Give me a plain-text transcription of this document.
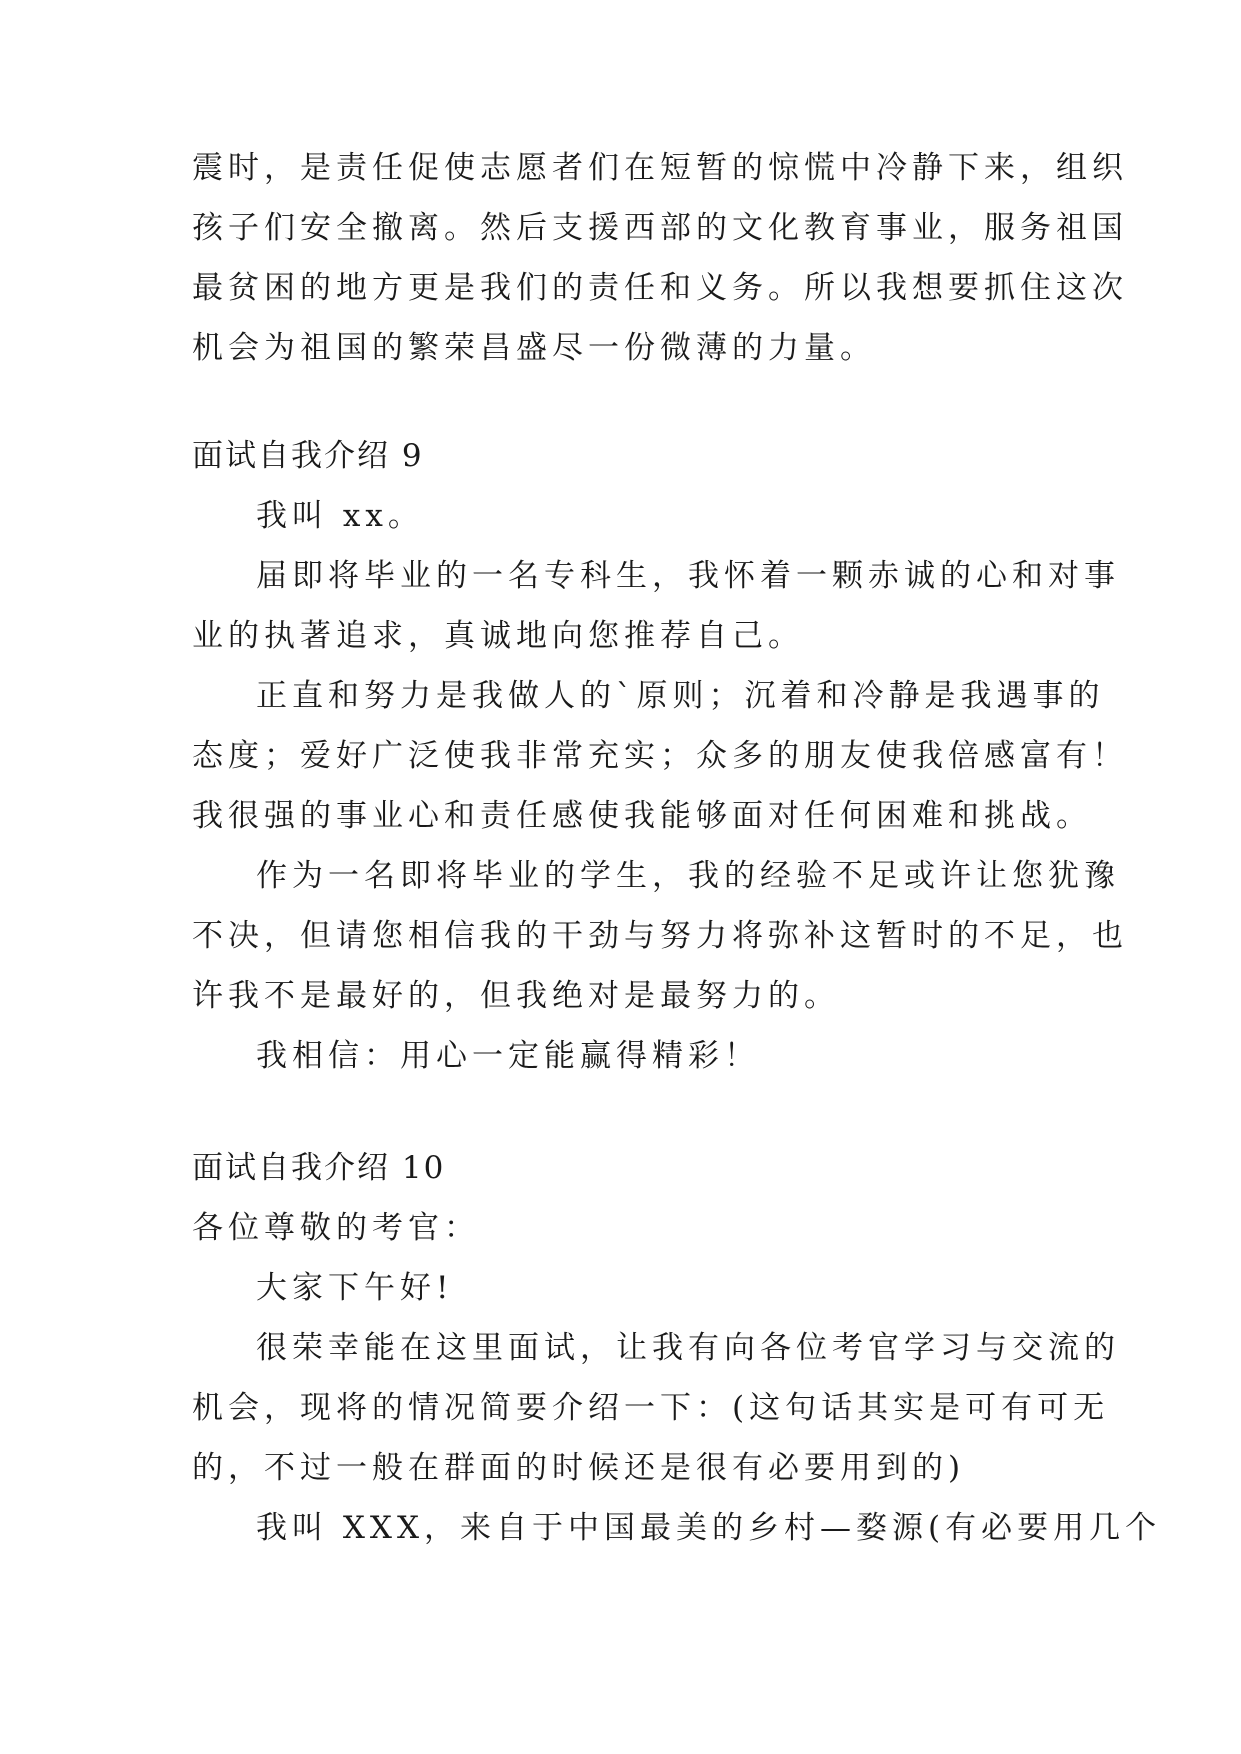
震时，是责任促使志愿者们在短暂的惊慌中冷静下来，组织
孩子们安全撤离。然后支援西部的文化教育事业，服务祖国
最贫困的地方更是我们的责任和义务。所以我想要抓住这次
机会为祖国的繁荣昌盛尽一份微薄的力量。
面试自我介绍 9
我叫 xx。
届即将毕业的一名专科生，我怀着一颗赤诚的心和对事
业的执著追求，真诚地向您推荐自己。
正直和努力是我做人的`原则；沉着和冷静是我遇事的
态度；爱好广泛使我非常充实；众多的朋友使我倍感富有！
我很强的事业心和责任感使我能够面对任何困难和挑战。
作为一名即将毕业的学生，我的经验不足或许让您犹豫
不决，但请您相信我的干劲与努力将弥补这暂时的不足，也
许我不是最好的，但我绝对是最努力的。
我相信：用心一定能赢得精彩！
面试自我介绍 10
各位尊敬的考官：
大家下午好!
很荣幸能在这里面试，让我有向各位考官学习与交流的
机会，现将的情况简要介绍一下：(这句话其实是可有可无
的，不过一般在群面的时候还是很有必要用到的)
我叫 XXX，来自于中国最美的乡村—婺源(有必要用几个
